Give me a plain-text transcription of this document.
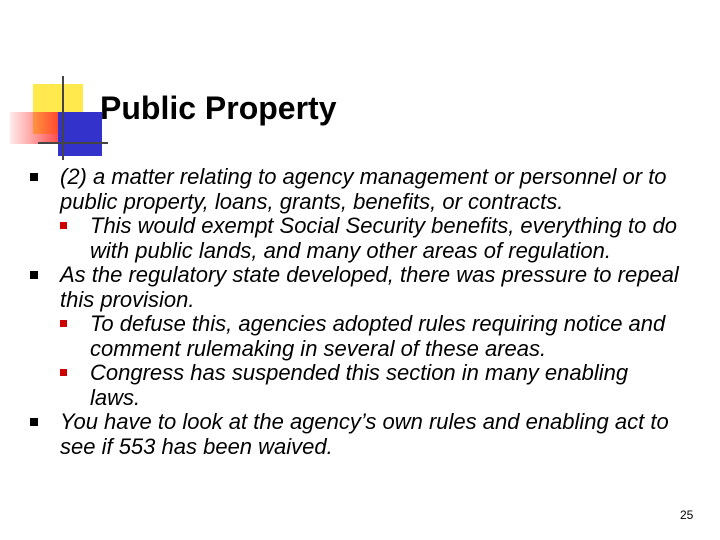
Public Property
(2) a matter relating to agency management or personnel or to public property, loans, grants, benefits, or contracts.
This would exempt Social Security benefits, everything to do with public lands, and many other areas of regulation.
As the regulatory state developed, there was pressure to repeal this provision.
To defuse this, agencies adopted rules requiring notice and comment rulemaking in several of these areas.
Congress has suspended this section in many enabling laws.
You have to look at the agency’s own rules and enabling act to see if 553 has been waived.
25
